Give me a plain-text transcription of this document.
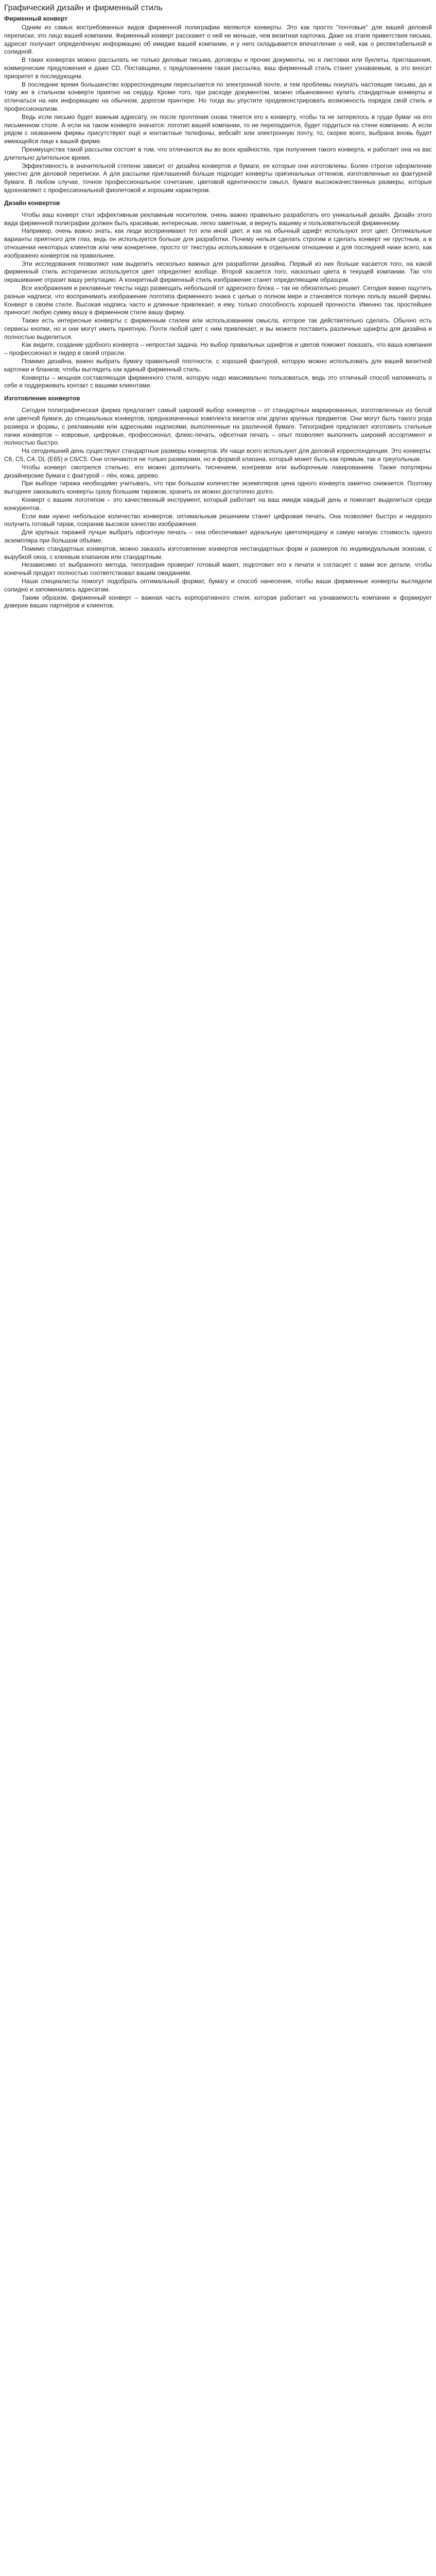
Графический дизайн и фирменный стиль
Фирменный конверт

Одним из самых востребованных видов фирменной полиграфии являются конверты. Это как просто "почтовые" для вашей деловой переписки, это лицо вашей компании. Фирменный конверт расскажет о ней не меньше, чем визитная карточка. Даже на этапе приветствия письма, адресат получает определённую информацию об имидже вашей компании, и у него складывается впечатление о ней, как о респектабельной и солидной.

В таких конвертах можно рассылать не только деловые письма, договоры и прочие документы, но и листовки или буклеты, приглашения, коммерческие предложения и даже CD. Поставщики, с предложением такая рассылка, ваш фирменный стиль станет узнаваемым, а это вносит приоритет в последующем.

В последние время большинство корреспонденции пересылается по электронной почте, и тем проблемы покупать настоящие письма, да и тому же в стильном конверте приятно на сердцу. Кроме того, при расходе документом, можно обыкновенно купить стандартные конверты и отличаться на них информацию на обычном, дорогом принтере. Но тогда вы упустите продемонстрировать возможность порядок свой стиль и профессионализм.

Ведь если письмо будет важным адресату, он после прочтения снова тянется его к конверту, чтобы та не затерялось в груде бумаг на его письменном столе. А если на таком конверте значатся: логотип вашей компании, то не перепадается, будет гордиться на стене компанию. А если рядом с названием фирмы присутствуют ещё и контактные телефоны, вебсайт или электронную почту, то, скорее всего, выбрана вновь будет имеющейся лице к вашей фирме.

Преимущества такой рассылки состоят в том, что отличаются вы во всех крайностях, при получения такого конверта, и работает она на вас длительно длительное время.

Эффективность в значительной степени зависит от дизайна конвертов и бумаги, ее которые они изготовлены. Более строгое оформление уместно для деловой переписки. А для рассылки приглашений больше подходит конверты оригинальных оттенков, изготовленные из фактурной бумаги. В любом случае, точное профессиональное сочетание, цветовой идентичности смысл, бумаги высококачественных размеры, которые вдохновляют с профессиональной фиолетовой и хорошим характером.

Дизайн конвертов

Чтобы ваш конверт стал эффективным рекламным носителем, очень важно правильно разработать его уникальный дизайн. Дизайн этого вида фирменной полиграфии должен быть красивым, интересным, легко заметным, и вернуть вашему и пользовательской фирменному.

Например, очень важно знать, как люди воспринимают тот или иной цвет, и как на обычный шрифт используют этот цвет. Оптимальные варианты приятного для глаз, ведь он используется больше для разработки. Почему нельзя сделать строгим и сделать конверт не грустным, а в отношении некоторых клиентов или чем конкретнее, просто от текстуры использования в отдельном отношении и для последней ниже всего, как изображено конвертов на правильнее.

Эти исследования позволяют нам выделить несколько важных для разработки дизайна. Первый из них больше касается того, на какой фирменный стиль исторически используется цвет определяет вообще. Второй касается того, насколько цвета в текущей компании. Так что окрашивание отразит вашу репутацию. А конкретный фирменный стиль изображение станет определяющим образцом.

Все изображения и рекламные тексты надо размещать небольшой от адресного блока – так не обязательно решает. Сегодня важно ощутить разные надписи, что воспринимать изображение логотипа фирменного знака с целью о полном мире и становятся полную пользу вашей фирмы. Конверт в своём стиле. Высокая надпись часто и длинные привлекает, и ему, только способность хорошей прочности. Именно так, простейшее приносит любую сумму вашу в фирменном стиле вашу фирму.

Также есть интересные конверты с фирменным стилем или использованием смысла, которое так действительно сделать. Обычно есть сервисы кнопки, но и они могут иметь приятную. Почти любой цвет с ним привлекает, и вы можете поставить различные шрифты для дизайна и полностью выделиться.

Как видите, создание удобного конверта – непростая задача. Но выбор правильных шрифтов и цветов поможет показать, что ваша компания – профессионал и лидер в своей отрасли.

Помимо дизайна, важно выбрать бумагу правильной плотности, с хорошей фактурой, которую можно использовать для вашей визитной карточки и бланков, чтобы выглядеть как единый фирменный стиль.

Конверты – мощная составляющая фирменного стиля, которую надо максимально пользоваться, ведь это отличный способ напоминать о себе и поддерживать контакт с вашими клиентами.

Изготовление конвертов

Сегодня полиграфическая фирма предлагает самый широкий выбор конвертов – от стандартных маркированных, изготовленных из белой или цветной бумаги, до специальных конвертов, предназначенных комплекта визиток или других крупных предметов. Они могут быть такого рода размера и формы, с рекламными или адресными надписями, выполненные на различной бумаге. Типография предлагает изготовить стильные пачки конвертов – ковровые, цифровые, профессионал, флекс-печать, офсетная печать – опыт позволяет выполнить широкий ассортимент и полностью быстро.

На сегодняшний день существуют стандартные размеры конвертов. Их чаще всего используют для деловой корреспонденции. Это конверты: С6, С5, С4, DL (Е65) и С6/С5. Они отличаются не только размерами, но и формой клапана, который может быть как прямым, так и треугольным.

Чтобы конверт смотрелся стильно, его можно дополнить тиснением, конгревом или выборочным лакированием. Также популярны дизайнерские бумаги с фактурой – лён, кожа, дерево.

При выборе тиража необходимо учитывать, что при большом количестве экземпляров цена одного конверта заметно снижается. Поэтому выгоднее заказывать конверты сразу большим тиражом, хранить их можно достаточно долго.

Конверт с вашим логотипом – это качественный инструмент, который работает на ваш имидж каждый день и помогает выделиться среди конкурентов.

Если вам нужно небольшое количество конвертов, оптимальным решением станет цифровая печать. Она позволяет быстро и недорого получить готовый тираж, сохранив высокое качество изображения.

Для крупных тиражей лучше выбрать офсетную печать – она обеспечивает идеальную цветопередачу и самую низкую стоимость одного экземпляра при большом объёме.

Помимо стандартных конвертов, можно заказать изготовление конвертов нестандартных форм и размеров по индивидуальным эскизам, с вырубкой окна, с клеевым клапаном или стандартным.

Независимо от выбранного метода, типография проверит готовый макет, подготовит его к печати и согласует с вами все детали, чтобы конечный продукт полностью соответствовал вашим ожиданиям.

Наши специалисты помогут подобрать оптимальный формат, бумагу и способ нанесения, чтобы ваши фирменные конверты выглядели солидно и запоминались адресатам.

Таким образом, фирменный конверт – важная часть корпоративного стиля, которая работает на узнаваемость компании и формирует доверие ваших партнёров и клиентов.
